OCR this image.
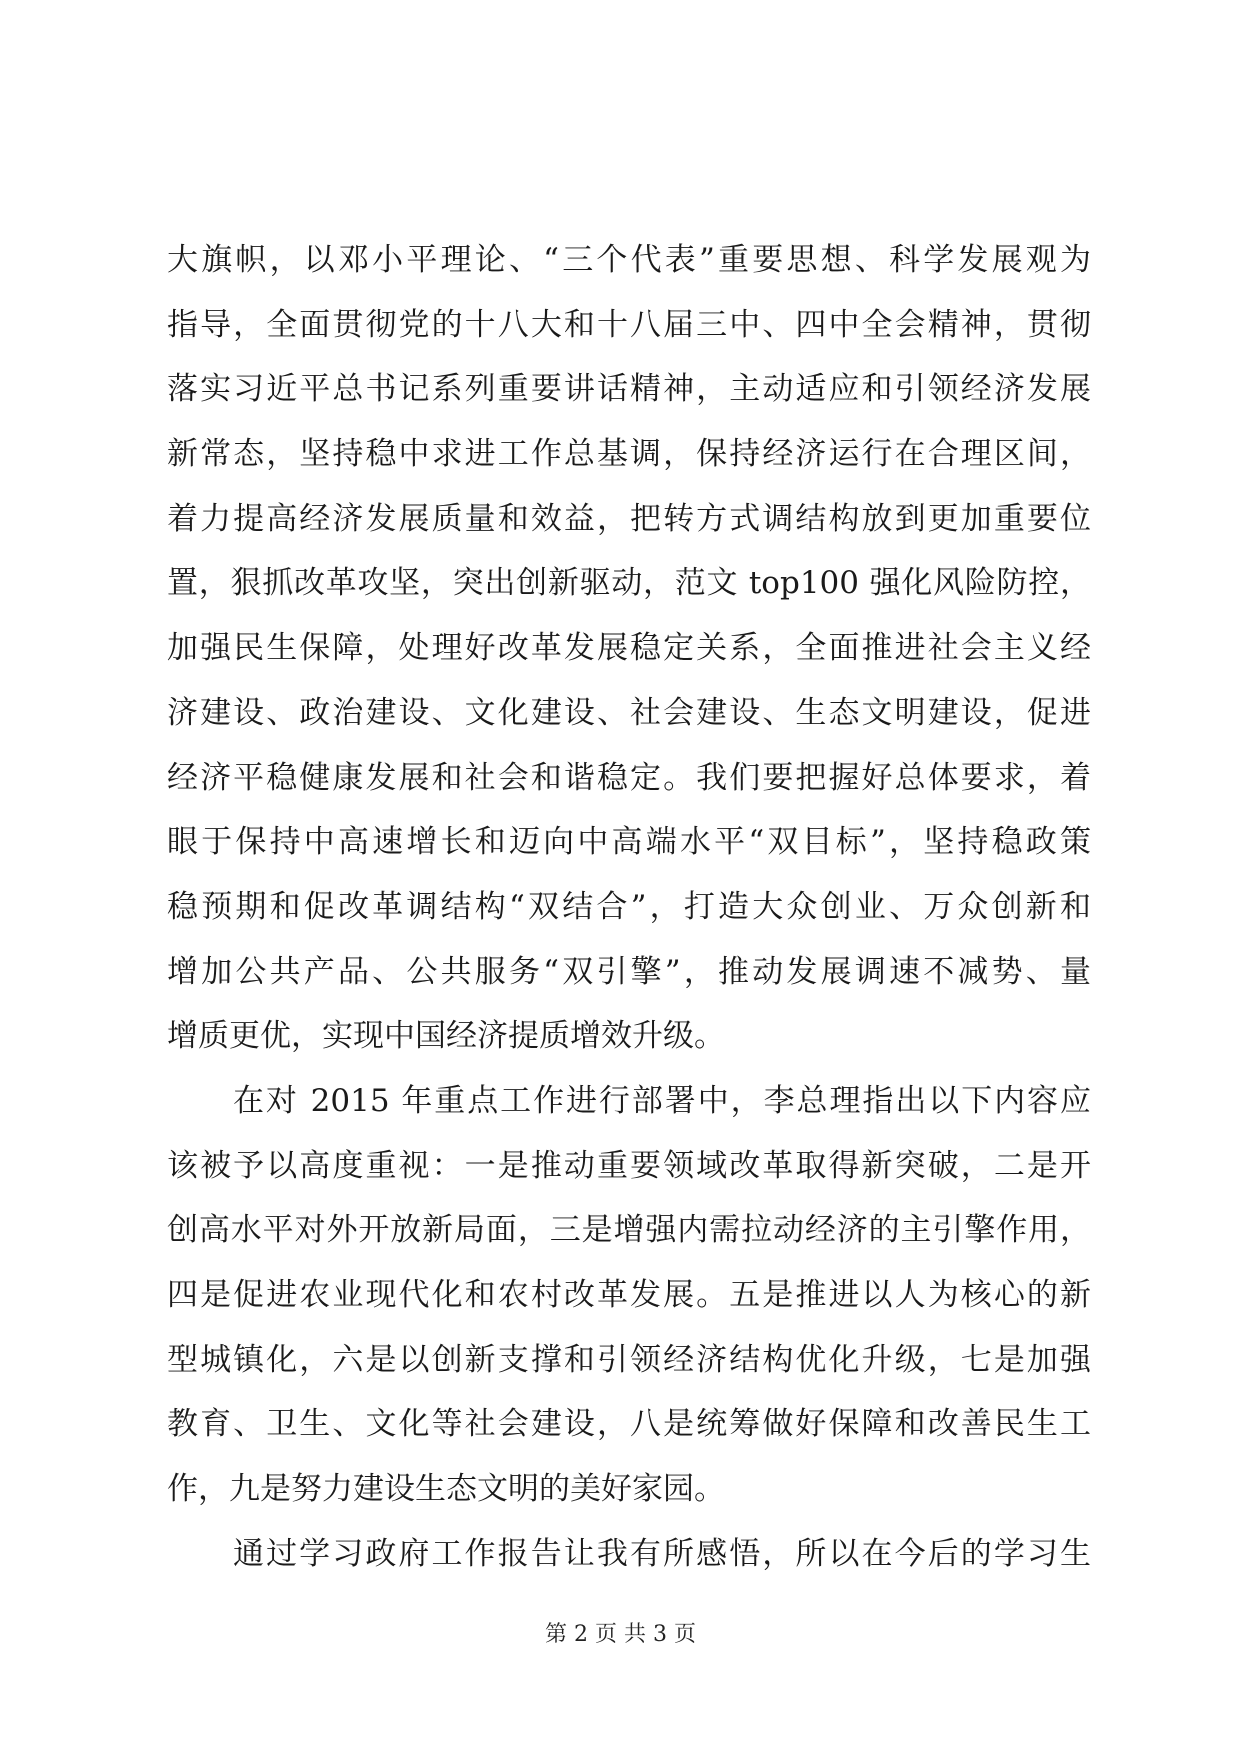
大旗帜，以邓小平理论、“三个代表”重要思想、科学发展观为
指导，全面贯彻党的十八大和十八届三中、四中全会精神，贯彻
落实习近平总书记系列重要讲话精神，主动适应和引领经济发展
新常态，坚持稳中求进工作总基调，保持经济运行在合理区间，
着力提高经济发展质量和效益，把转方式调结构放到更加重要位
置，狠抓改革攻坚，突出创新驱动，范文 top100 强化风险防控，
加强民生保障，处理好改革发展稳定关系，全面推进社会主义经
济建设、政治建设、文化建设、社会建设、生态文明建设，促进
经济平稳健康发展和社会和谐稳定。我们要把握好总体要求，着
眼于保持中高速增长和迈向中高端水平“双目标”，坚持稳政策
稳预期和促改革调结构“双结合”，打造大众创业、万众创新和
增加公共产品、公共服务“双引擎”，推动发展调速不减势、量
增质更优，实现中国经济提质增效升级。
在对 2015 年重点工作进行部署中，李总理指出以下内容应
该被予以高度重视：一是推动重要领域改革取得新突破，二是开
创高水平对外开放新局面，三是增强内需拉动经济的主引擎作用，
四是促进农业现代化和农村改革发展。五是推进以人为核心的新
型城镇化，六是以创新支撑和引领经济结构优化升级，七是加强
教育、卫生、文化等社会建设，八是统筹做好保障和改善民生工
作，九是努力建设生态文明的美好家园。
通过学习政府工作报告让我有所感悟，所以在今后的学习生
第 2 页 共 3 页
